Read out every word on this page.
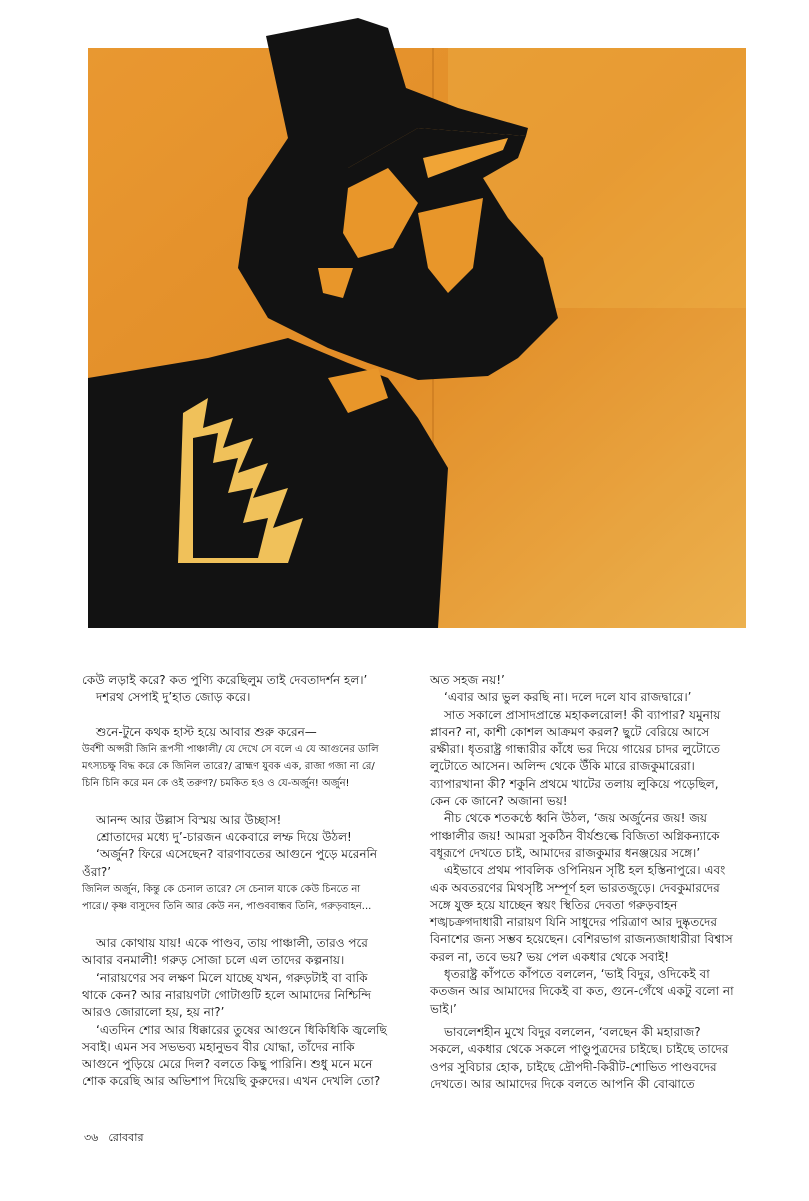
কেউ লড়াই করে? কত পুণ্যি করেছিলুম তাই দেবতাদর্শন হল।’

দশরথ সেপাই দু’হাত জোড় করে।

শুনে-টুনে কথক হাস্ট হয়ে আবার শুরু করেন—

উর্বশী অপ্সরী জিনি রূপসী পাঞ্চালী/ যে দেখে সে বলে এ যে আগুনের ডালি

মৎস্যচক্ষু বিদ্ধ করে কে জিনিল তারে?/ ব্রাহ্মণ যুবক এক, রাজা গজা না রে/

চিনি চিনি করে মন কে ওই তরুণ?/ চমকিত হও ও যে-অর্জুন! অর্জুন!

আনন্দ আর উল্লাস বিস্ময় আর উচ্ছাস!

শ্রোতাদের মধ্যে দু’-চারজন একেবারে লম্ফ দিয়ে উঠল!

‘অর্জুন? ফিরে এসেছেন? বারণাবতের আগুনে পুড়ে মরেননি

ওঁরা?’

জিনিল অর্জুন, কিন্তু কে চেনাল তারে? সে চেনাল যাকে কেউ চিনতে না

পারে।/ কৃষ্ণ বাসুদেব তিনি আর কেউ নন, পাণ্ডববান্ধব তিনি, গরুড়বাহন...

আর কোথায় যায়! একে পাণ্ডব, তায় পাঞ্চালী, তারও পরে

আবার বনমালী! গরুড় সোজা চলে এল তাদের কল্পনায়।

‘নারায়ণের সব লক্ষণ মিলে যাচ্ছে যখন, গরুড়টাই বা বাকি

থাকে কেন? আর নারায়ণটা গোটাগুটি হলে আমাদের নিশ্চিন্দি

আরও জোরালো হয়, হয় না?’

‘এতদিন শোর আর ধিক্কারের তুষের আগুনে ধিকিধিকি জ্বলেছি

সবাই। এমন সব সভভব্য মহানুভব বীর যোদ্ধা, তাঁদের নাকি

আগুনে পুড়িয়ে মেরে দিল? বলতে কিছু পারিনি। শুধু মনে মনে

শোক করেছি আর অভিশাপ দিয়েছি কুরুদের। এখন দেখলি তো?

অত সহজ নয়!’

‘এবার আর ভুল করছি না। দলে দলে যাব রাজদ্বারে।’

সাত সকালে প্রাসাদপ্রান্তে মহাকলরোল! কী ব্যাপার? যমুনায়

প্লাবন? না, কাশী কোশল আক্রমণ করল? ছুটে বেরিয়ে আসে

রক্ষীরা। ধৃতরাষ্ট্র গান্ধারীর কাঁধে ভর দিয়ে গায়ের চাদর লুটোতে

লুটোতে আসেন। অলিন্দ থেকে উঁকি মারে রাজকুমারেরা।

ব্যাপারখানা কী? শকুনি প্রথমে খাটের তলায় লুকিয়ে পড়েছিল,

কেন কে জানে? অজানা ভয়!

নীচ থেকে শতকণ্ঠে ধ্বনি উঠল, ‘জয় অর্জুনের জয়! জয়

পাঞ্চালীর জয়! আমরা সুকঠিন বীর্যশুল্কে বিজিতা অগ্নিকন্যাকে

বধূরূপে দেখতে চাই, আমাদের রাজকুমার ধনঞ্জয়ের সঙ্গে।’

এইভাবে প্রথম পাবলিক ওপিনিয়ন সৃষ্টি হল হস্তিনাপুরে। এবং

এক অবতরণের মিথসৃষ্টি সম্পূর্ণ হল ভারতজুড়ে। দেবকুমারদের

সঙ্গে যুক্ত হয়ে যাচ্ছেন স্বয়ং স্থিতির দেবতা গরুড়বাহন

শঙ্খচক্রগদাধারী নারায়ণ যিনি সাধুদের পরিত্রাণ আর দুষ্কৃতদের

বিনাশের জন্য সম্ভব হয়েছেন। বেশিরভাগ রাজন্যজাধারীরা বিশ্বাস

করল না, তবে ভয়? ভয় পেল একধার থেকে সবাই!

ধৃতরাষ্ট্র কাঁপতে কাঁপতে বললেন, ‘ভাই বিদুর, ওদিকেই বা

কতজন আর আমাদের দিকেই বা কত, গুনে-গেঁথে একটু বলো না

ভাই।’

ভাবলেশহীন মুখে বিদুর বললেন, ‘বলছেন কী মহারাজ?

সকলে, একধার থেকে সকলে পাণ্ডুপুত্রদের চাইছে। চাইছে তাদের

ওপর সুবিচার হোক, চাইছে দ্রৌপদী-কিরীট-শোভিত পাণ্ডবদের

দেখতে। আর আমাদের দিকে বলতে আপনি কী বোঝাতে

৩৬ রোববার
